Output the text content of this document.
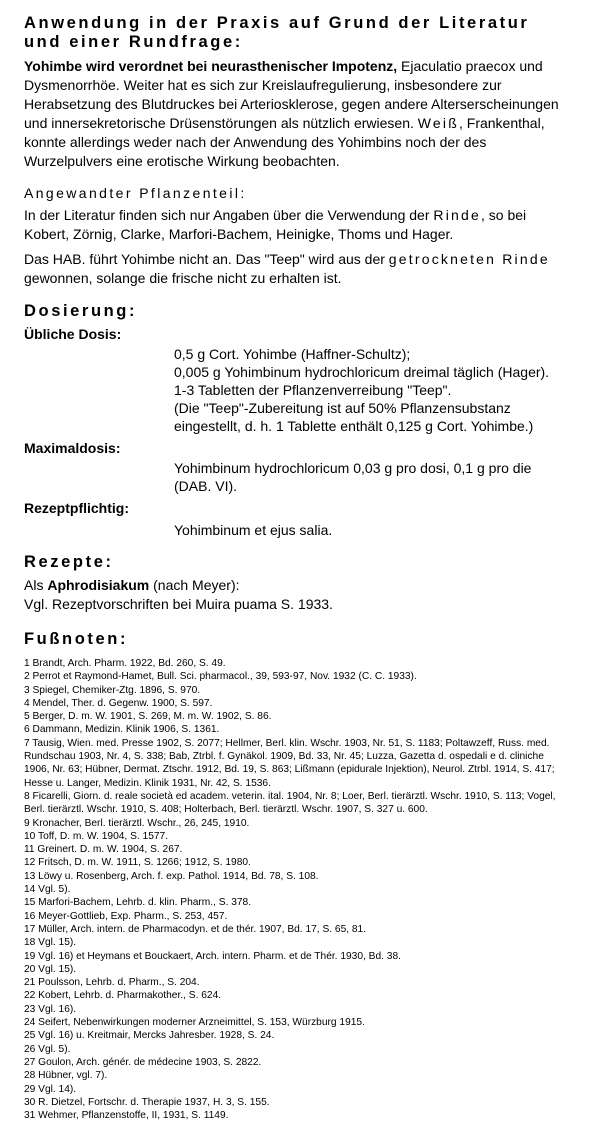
Anwendung in der Praxis auf Grund der Literatur und einer Rundfrage:

Yohimbe wird verordnet bei neurasthenischer Impotenz, Ejaculatio praecox und Dysmenorrhöe. Weiter hat es sich zur Kreislaufregulierung, insbesondere zur Herabsetzung des Blutdruckes bei Arteriosklerose, gegen andere Alterserscheinungen und innersekretorische Drüsenstörungen als nützlich erwiesen. Weiß, Frankenthal, konnte allerdings weder nach der Anwendung des Yohimbins noch der des Wurzelpulvers eine erotische Wirkung beobachten.

Angewandter Pflanzenteil:

In der Literatur finden sich nur Angaben über die Verwendung der Rinde, so bei Kobert, Zörnig, Clarke, Marfori-Bachem, Heinigke, Thoms und Hager.

Das HAB. führt Yohimbe nicht an. Das "Teep" wird aus der getrockneten Rinde gewonnen, solange die frische nicht zu erhalten ist.

Dosierung:
Übliche Dosis:
0,5 g Cort. Yohimbe (Haffner-Schultz);
0,005 g Yohimbinum hydrochloricum dreimal täglich (Hager).
1-3 Tabletten der Pflanzenverreibung "Teep".
(Die "Teep"-Zubereitung ist auf 50% Pflanzensubstanz
eingestellt, d. h. 1 Tablette enthält 0,125 g Cort. Yohimbe.)
Maximaldosis:
Yohimbinum hydrochloricum 0,03 g pro dosi, 0,1 g pro die
(DAB. VI).
Rezeptpflichtig:
Yohimbinum et ejus salia.
Rezepte:

Als Aphrodisiakum (nach Meyer):

Vgl. Rezeptvorschriften bei Muira puama S. 1933.

Fußnoten:
1 Brandt, Arch. Pharm. 1922, Bd. 260, S. 49.
2 Perrot et Raymond-Hamet, Bull. Sci. pharmacol., 39, 593-97, Nov. 1932 (C. C. 1933).
3 Spiegel, Chemiker-Ztg. 1896, S. 970.
4 Mendel, Ther. d. Gegenw. 1900, S. 597.
5 Berger, D. m. W. 1901, S. 269, M. m. W. 1902, S. 86.
6 Dammann, Medizin. Klinik 1906, S. 1361.
7 Tausig, Wien. med. Presse 1902, S. 2077; Hellmer, Berl. klin. Wschr. 1903, Nr. 51, S. 1183; Poltawzeff, Russ. med. Rundschau 1903, Nr. 4, S. 338; Bab, Ztrbl. f. Gynäkol. 1909, Bd. 33, Nr. 45; Luzza, Gazetta d. ospedali e d. cliniche 1906, Nr. 63; Hübner, Dermat. Ztschr. 1912, Bd. 19, S. 863; Lißmann (epidurale Injektion), Neurol. Ztrbl. 1914, S. 417; Hesse u. Langer, Medizin. Klinik 1931, Nr. 42, S. 1536.
8 Ficarelli, Giorn. d. reale società ed academ. veterin. ital. 1904, Nr. 8; Loer, Berl. tierärztl. Wschr. 1910, S. 113; Vogel, Berl. tierärztl. Wschr. 1910, S. 408; Holterbach, Berl. tierärztl. Wschr. 1907, S. 327 u. 600.
9 Kronacher, Berl. tierärztl. Wschr., 26, 245, 1910.
10 Toff, D. m. W. 1904, S. 1577.
11 Greinert. D. m. W. 1904, S. 267.
12 Fritsch, D. m. W. 1911, S. 1266; 1912, S. 1980.
13 Löwy u. Rosenberg, Arch. f. exp. Pathol. 1914, Bd. 78, S. 108.
14 Vgl. 5).
15 Marfori-Bachem, Lehrb. d. klin. Pharm., S. 378.
16 Meyer-Gottlieb, Exp. Pharm., S. 253, 457.
17 Müller, Arch. intern. de Pharmacodyn. et de thér. 1907, Bd. 17, S. 65, 81.
18 Vgl. 15).
19 Vgl. 16) et Heymans et Bouckaert, Arch. intern. Pharm. et de Thér. 1930, Bd. 38.
20 Vgl. 15).
21 Poulsson, Lehrb. d. Pharm., S. 204.
22 Kobert, Lehrb. d. Pharmakother., S. 624.
23 Vgl. 16).
24 Seifert, Nebenwirkungen moderner Arzneimittel, S. 153, Würzburg 1915.
25 Vgl. 16) u. Kreitmair, Mercks Jahresber. 1928, S. 24.
26 Vgl. 5).
27 Goulon, Arch. génér. de médecine 1903, S. 2822.
28 Hübner, vgl. 7).
29 Vgl. 14).
30 R. Dietzel, Fortschr. d. Therapie 1937, H. 3, S. 155.
31 Wehmer, Pflanzenstoffe, II, 1931, S. 1149.
